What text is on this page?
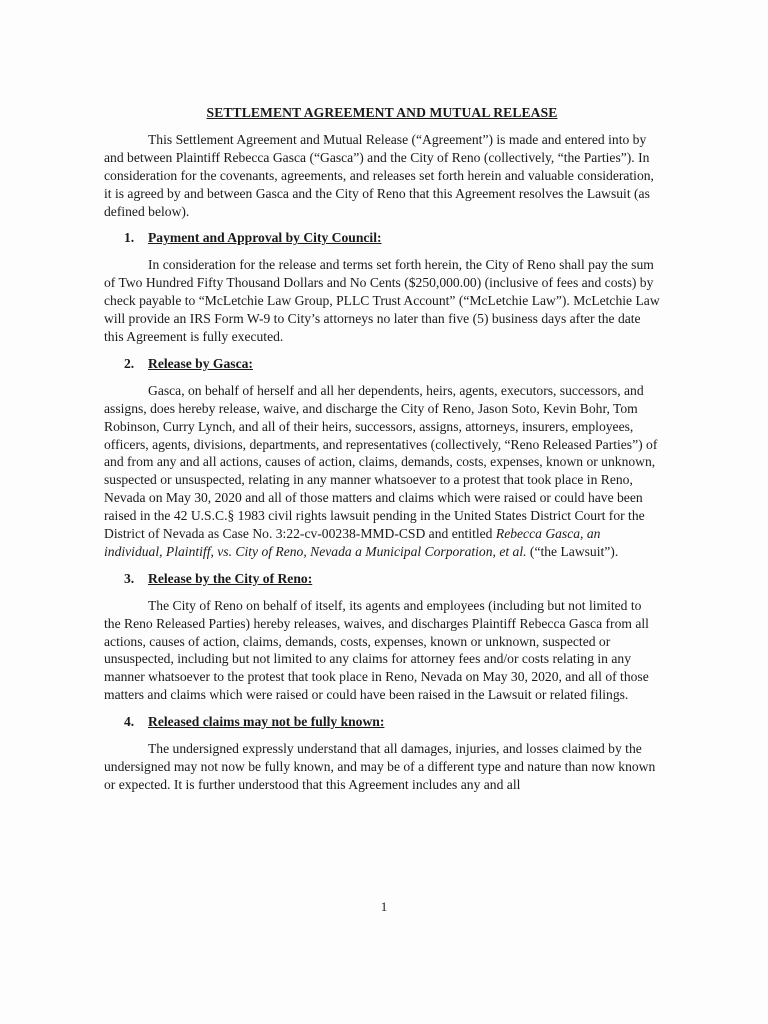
SETTLEMENT AGREEMENT AND MUTUAL RELEASE

This Settlement Agreement and Mutual Release (“Agreement”) is made and entered into by and between Plaintiff Rebecca Gasca (“Gasca”) and the City of Reno (collectively, “the Parties”). In consideration for the covenants, agreements, and releases set forth herein and valuable consideration, it is agreed by and between Gasca and the City of Reno that this Agreement resolves the Lawsuit (as defined below).

1. Payment and Approval by City Council:

In consideration for the release and terms set forth herein, the City of Reno shall pay the sum of Two Hundred Fifty Thousand Dollars and No Cents ($250,000.00) (inclusive of fees and costs) by check payable to “McLetchie Law Group, PLLC Trust Account” (“McLetchie Law”). McLetchie Law will provide an IRS Form W-9 to City’s attorneys no later than five (5) business days after the date this Agreement is fully executed.

2. Release by Gasca:

Gasca, on behalf of herself and all her dependents, heirs, agents, executors, successors, and assigns, does hereby release, waive, and discharge the City of Reno, Jason Soto, Kevin Bohr, Tom Robinson, Curry Lynch, and all of their heirs, successors, assigns, attorneys, insurers, employees, officers, agents, divisions, departments, and representatives (collectively, “Reno Released Parties”) of and from any and all actions, causes of action, claims, demands, costs, expenses, known or unknown, suspected or unsuspected, relating in any manner whatsoever to a protest that took place in Reno, Nevada on May 30, 2020 and all of those matters and claims which were raised or could have been raised in the 42 U.S.C.§ 1983 civil rights lawsuit pending in the United States District Court for the District of Nevada as Case No. 3:22-cv-00238-MMD-CSD and entitled Rebecca Gasca, an individual, Plaintiff, vs. City of Reno, Nevada a Municipal Corporation, et al. (“the Lawsuit”).

3. Release by the City of Reno:

The City of Reno on behalf of itself, its agents and employees (including but not limited to the Reno Released Parties) hereby releases, waives, and discharges Plaintiff Rebecca Gasca from all actions, causes of action, claims, demands, costs, expenses, known or unknown, suspected or unsuspected, including but not limited to any claims for attorney fees and/or costs relating in any manner whatsoever to the protest that took place in Reno, Nevada on May 30, 2020, and all of those matters and claims which were raised or could have been raised in the Lawsuit or related filings.

4. Released claims may not be fully known:

The undersigned expressly understand that all damages, injuries, and losses claimed by the undersigned may not now be fully known, and may be of a different type and nature than now known or expected. It is further understood that this Agreement includes any and all

1
